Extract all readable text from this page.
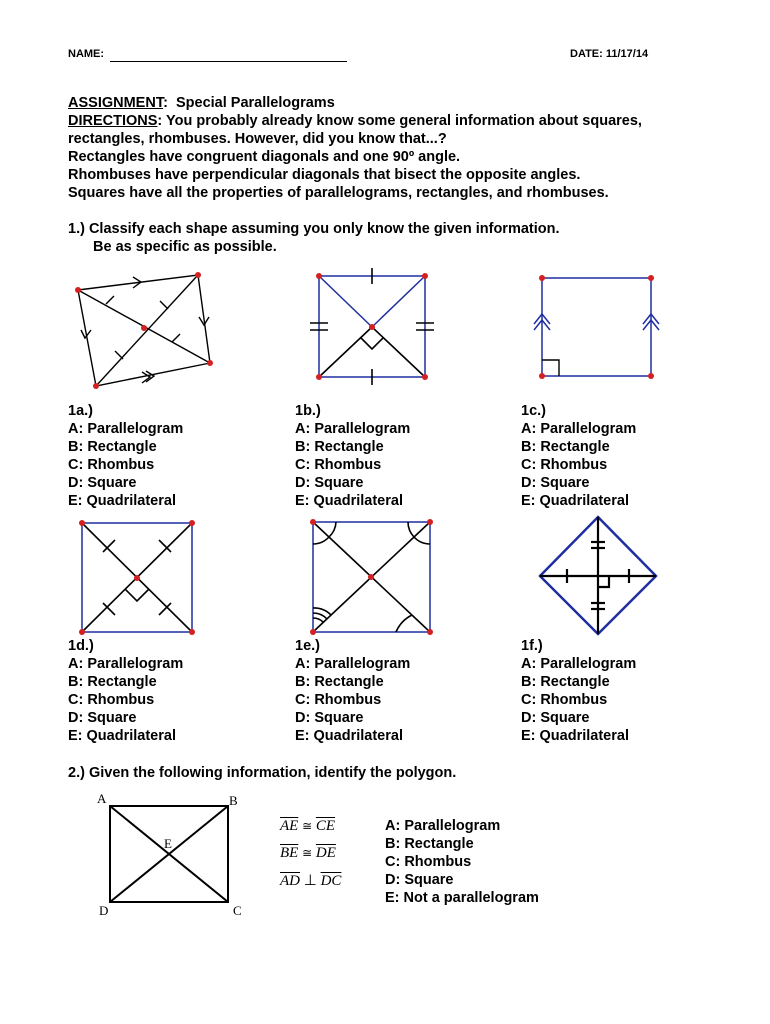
NAME:	DATE: 11/17/14
ASSIGNMENT: Special Parallelograms
DIRECTIONS: You probably already know some general information about squares,
rectangles, rhombuses. However, did you know that...?
Rectangles have congruent diagonals and one 90º angle.
Rhombuses have perpendicular diagonals that bisect the opposite angles.
Squares have all the properties of parallelograms, rectangles, and rhombuses.
1.) Classify each shape assuming you only know the given information.
Be as specific as possible.
1a.)
A: Parallelogram
B: Rectangle
C: Rhombus
D: Square
E: Quadrilateral
1b.)
A: Parallelogram
B: Rectangle
C: Rhombus
D: Square
E: Quadrilateral
1c.)
A: Parallelogram
B: Rectangle
C: Rhombus
D: Square
E: Quadrilateral
1d.)
A: Parallelogram
B: Rectangle
C: Rhombus
D: Square
E: Quadrilateral
1e.)
A: Parallelogram
B: Rectangle
C: Rhombus
D: Square
E: Quadrilateral
1f.)
A: Parallelogram
B: Rectangle
C: Rhombus
D: Square
E: Quadrilateral
2.) Given the following information, identify the polygon.
A	B
E
D	C
$\overline{AE}$ ≅ $\overline{CE}$
$\overline{BE}$ ≅ $\overline{DE}$
$\overline{AD}$ ⊥ $\overline{DC}$
A: Parallelogram
B: Rectangle
C: Rhombus
D: Square
E: Not a parallelogram
